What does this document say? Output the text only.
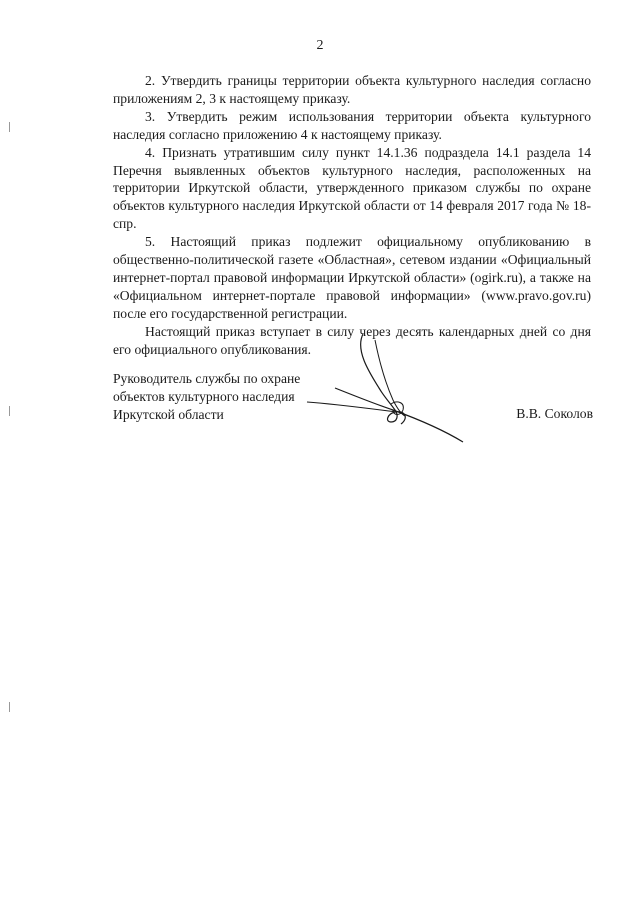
2

2. Утвердить границы территории объекта культурного наследия согласно приложениям 2, 3 к настоящему приказу.

3. Утвердить режим использования территории объекта культурного наследия согласно приложению 4 к настоящему приказу.

4. Признать утратившим силу пункт 14.1.36 подраздела 14.1 раздела 14 Перечня выявленных объектов культурного наследия, расположенных на территории Иркутской области, утвержденного приказом службы по охране объектов культурного наследия Иркутской области от 14 февраля 2017 года № 18-спр.

5. Настоящий приказ подлежит официальному опубликованию в общественно-политической газете «Областная», сетевом издании «Официальный интернет-портал правовой информации Иркутской области» (ogirk.ru), а также на «Официальном интернет-портале правовой информации» (www.pravo.gov.ru) после его государственной регистрации.

Настоящий приказ вступает в силу через десять календарных дней со дня его официального опубликования.

Руководитель службы по охране
объектов культурного наследия
Иркутской области	В.В. Соколов
